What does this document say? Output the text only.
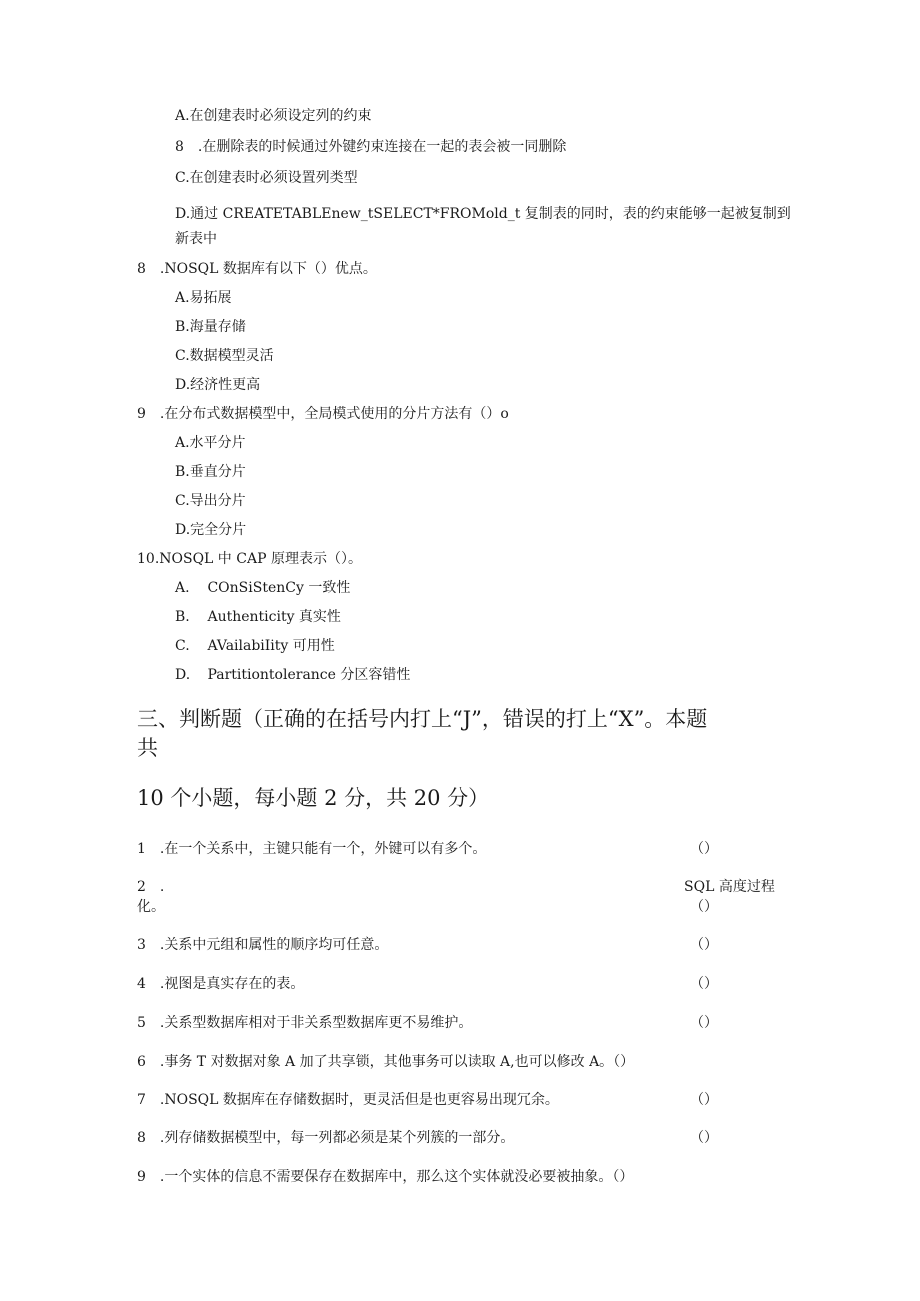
A.在创建表时必须设定列的约束
8　.在删除表的时候通过外键约束连接在一起的表会被一同删除
C.在创建表时必须设置列类型
D.通过 CREATETABLEnew_tSELECT*FROMold_t 复制表的同时，表的约束能够一起被复制到
新表中
8　.NOSQL 数据库有以下（）优点。
A.易拓展
B.海量存储
C.数据模型灵活
D.经济性更高
9　.在分布式数据模型中，全局模式使用的分片方法有（）o
A.水平分片
B.垂直分片
C.导出分片
D.完全分片
10.NOSQL 中 CAP 原理表示（）。
A. COnSiStenCy 一致性
B. Authenticity 真实性
C. AVailabiIity 可用性
D. Partitiontolerance 分区容错性
三、判断题（正确的在括号内打上“J”，错误的打上“X”。本题
共
10 个小题，每小题 2 分，共 20 分）
1　.在一个关系中，主键只能有一个，外键可以有多个。	（）
2　.	SQL 高度过程
化。	（）
3　.关系中元组和属性的顺序均可任意。	（）
4　.视图是真实存在的表。	（）
5　.关系型数据库相对于非关系型数据库更不易维护。	（）
6　.事务 T 对数据对象 A 加了共享锁，其他事务可以读取 A,也可以修改 A。（）
7　.NOSQL 数据库在存储数据时，更灵活但是也更容易出现冗余。	（）
8　.列存储数据模型中，每一列都必须是某个列簇的一部分。	（）
9　.一个实体的信息不需要保存在数据库中，那么这个实体就没必要被抽象。（）
